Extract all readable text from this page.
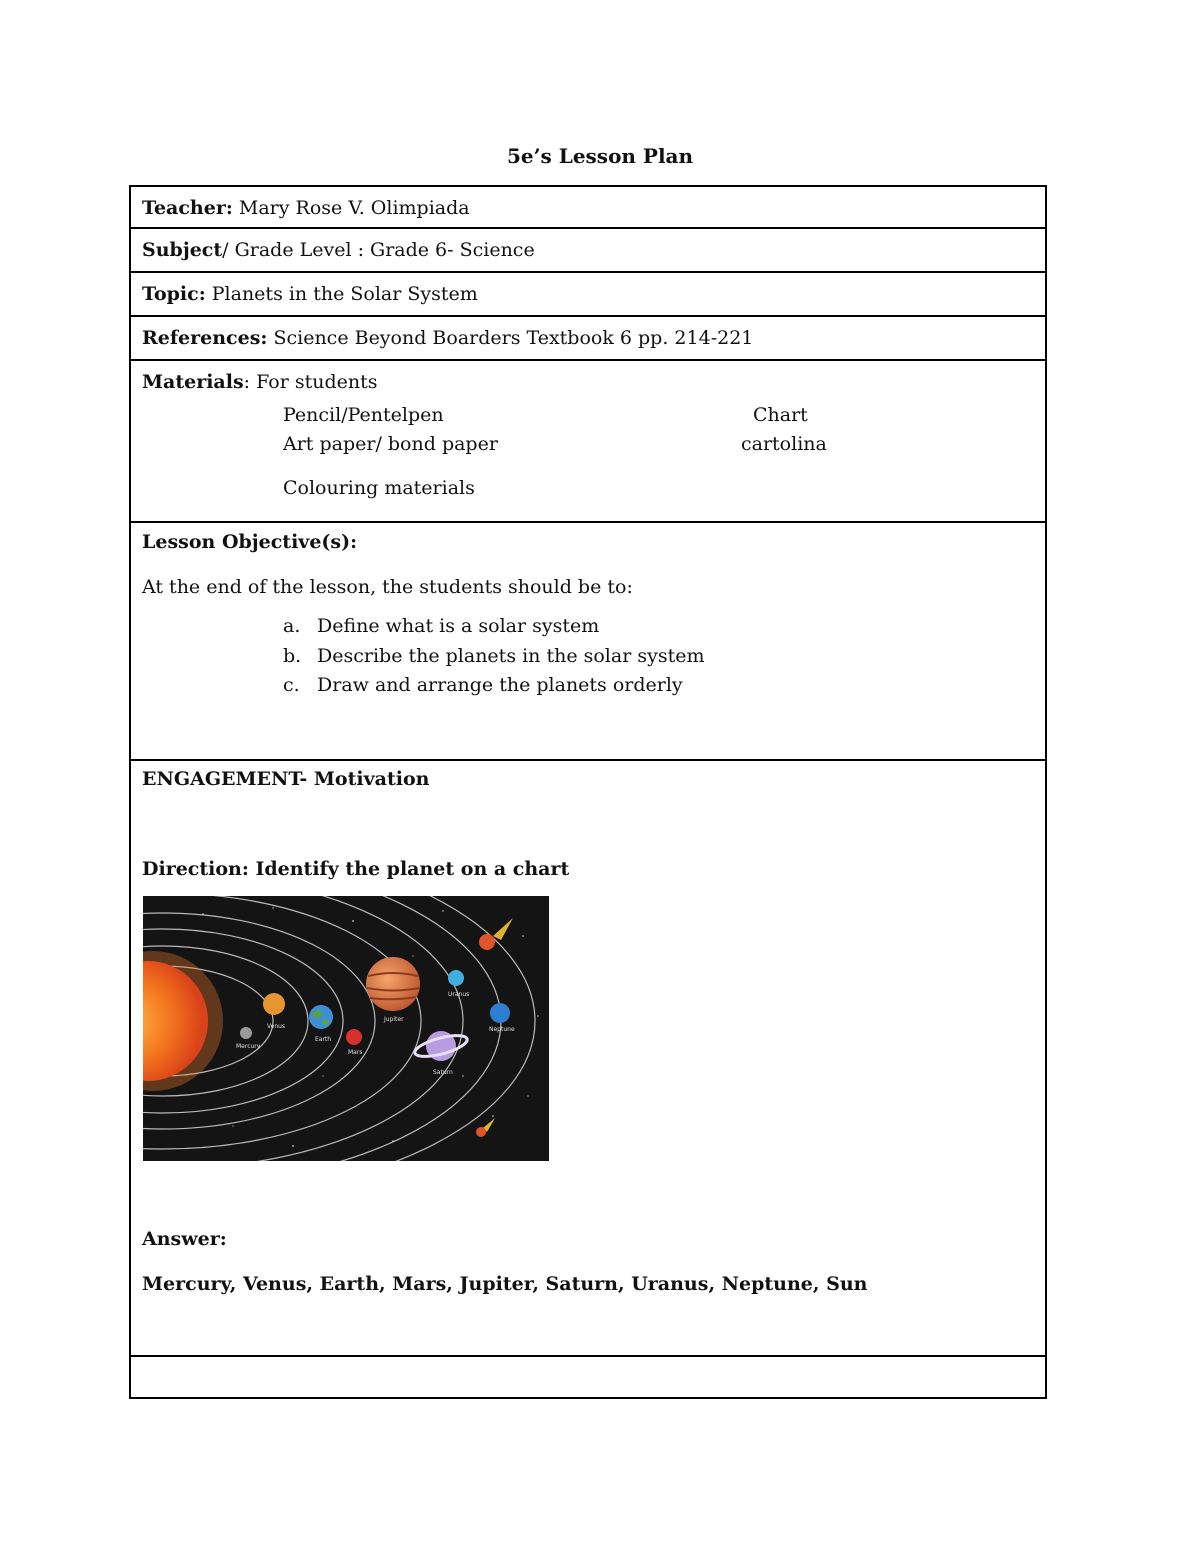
5e’s Lesson Plan
Teacher: Mary Rose V. Olimpiada
Subject/ Grade Level : Grade 6- Science
Topic: Planets in the Solar System
References: Science Beyond Boarders Textbook 6 pp. 214-221
Materials: For students
Pencil/Pentelpen
Art paper/ bond paper
Colouring materials
Chart
cartolina
Lesson Objective(s):
At the end of the lesson, the students should be to:
a. Define what is a solar system
b. Describe the planets in the solar system
c. Draw and arrange the planets orderly
ENGAGEMENT- Motivation
Direction: Identify the planet on a chart
Mercury
Venus
Earth
Mars
Jupiter
Saturn
Uranus
Neptune
Answer:
Mercury, Venus, Earth, Mars, Jupiter, Saturn, Uranus, Neptune, Sun
